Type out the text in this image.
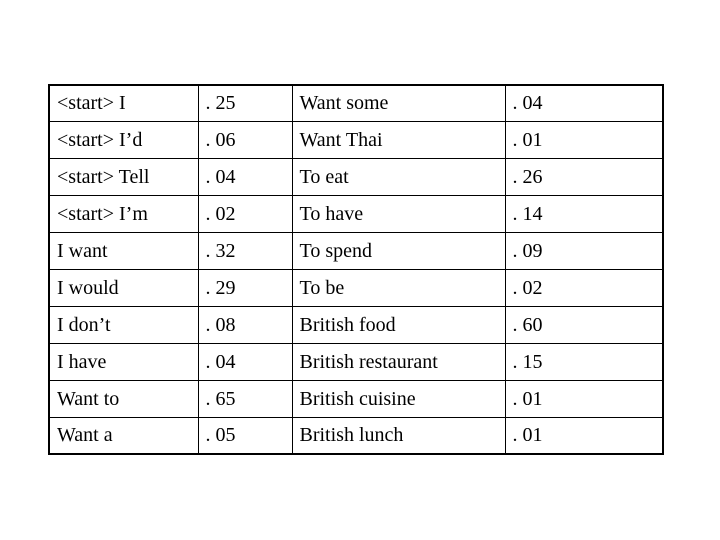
<start> I	. 25	Want some	. 04
<start> I’d	. 06	Want Thai	. 01
<start> Tell	. 04	To eat	. 26
<start> I’m	. 02	To have	. 14
I want	. 32	To spend	. 09
I would	. 29	To be	. 02
I don’t	. 08	British food	. 60
I have	. 04	British restaurant	. 15
Want to	. 65	British cuisine	. 01
Want a	. 05	British lunch	. 01
